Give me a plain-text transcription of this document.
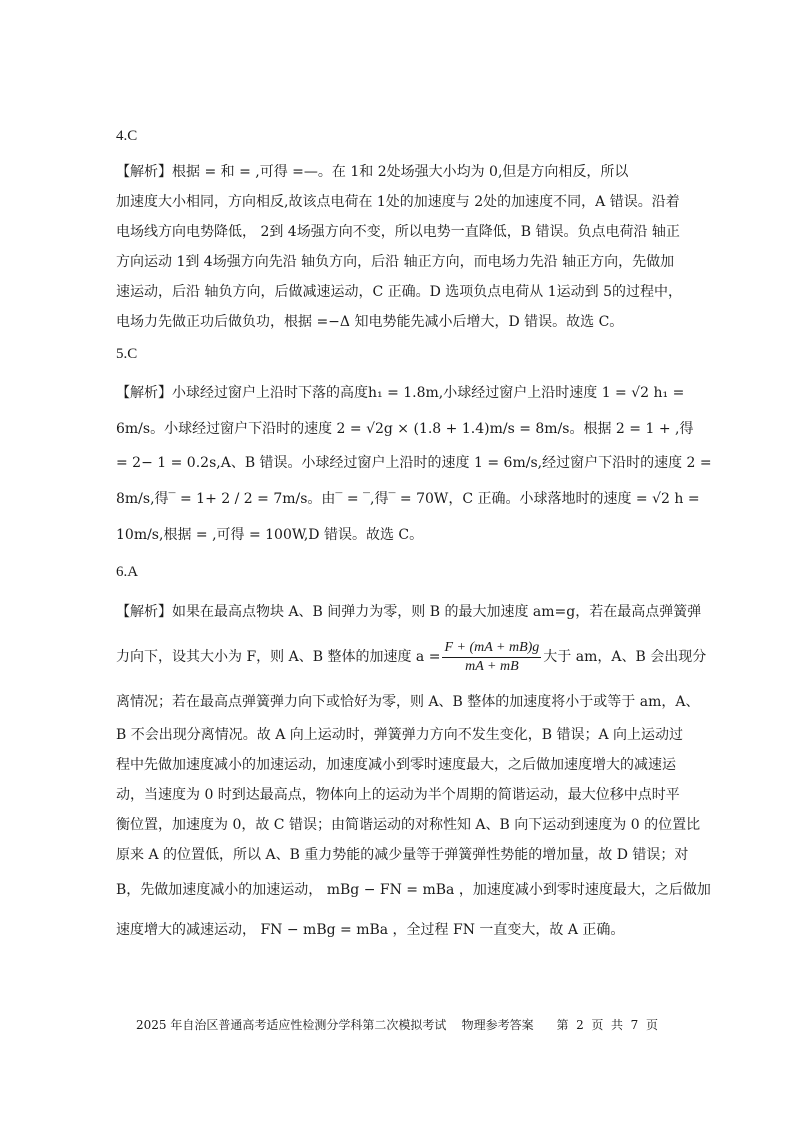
4.C
【解析】根据 = 和 = ,可得 =—。在 1和 2处场强大小均为 0,但是方向相反，所以
加速度大小相同，方向相反,故该点电荷在 1处的加速度与 2处的加速度不同，A 错误。沿着
电场线方向电势降低， 2到 4场强方向不变，所以电势一直降低，B 错误。负点电荷沿 轴正
方向运动 1到 4场强方向先沿 轴负方向，后沿 轴正方向，而电场力先沿 轴正方向，先做加
速运动，后沿 轴负方向，后做减速运动，C 正确。D 选项负点电荷从 1运动到 5的过程中，
电场力先做正功后做负功，根据 =−Δ 知电势能先减小后增大，D 错误。故选 C。
5.C
【解析】小球经过窗户上沿时下落的高度h₁ = 1.8m,小球经过窗户上沿时速度 1 = √2 h₁ =
6m/s。小球经过窗户下沿时的速度 2 = √2g × (1.8 + 1.4)m/s = 8m/s。根据 2 = 1 + ,得
= 2− 1 = 0.2s,A、B 错误。小球经过窗户上沿时的速度 1 = 6m/s,经过窗户下沿时的速度 2 =
8m/s,得‾ = 1+ 2 / 2 = 7m/s。由‾ = ‾,得‾ = 70W，C 正确。小球落地时的速度 = √2 h =
10m/s,根据 = ,可得 = 100W,D 错误。故选 C。
6.A
【解析】如果在最高点物块 A、B 间弹力为零，则 B 的最大加速度 am=g，若在最高点弹簧弹
力向下，设其大小为 F，则 A、B 整体的加速度 $a = \frac{F + (mA + mB)g}{mA + mB}$ 大于 am，A、B 会出现分
离情况；若在最高点弹簧弹力向下或恰好为零，则 A、B 整体的加速度将小于或等于 am，A、
B 不会出现分离情况。故 A 向上运动时，弹簧弹力方向不发生变化，B 错误；A 向上运动过
程中先做加速度减小的加速运动，加速度减小到零时速度最大，之后做加速度增大的减速运
动，当速度为 0 时到达最高点，物体向上的运动为半个周期的简谐运动，最大位移中点时平
衡位置，加速度为 0，故 C 错误；由简谐运动的对称性知 A、B 向下运动到速度为 0 的位置比
原来 A 的位置低，所以 A、B 重力势能的减少量等于弹簧弹性势能的增加量，故 D 错误；对
B，先做加速度减小的加速运动， mBg − FN = mBa ，加速度减小到零时速度最大，之后做加
速度增大的减速运动， FN − mBg = mBa ，全过程 FN 一直变大，故 A 正确。
2025 年自治区普通高考适应性检测分学科第二次模拟考试    物理参考答案      第  2  页  共  7  页
